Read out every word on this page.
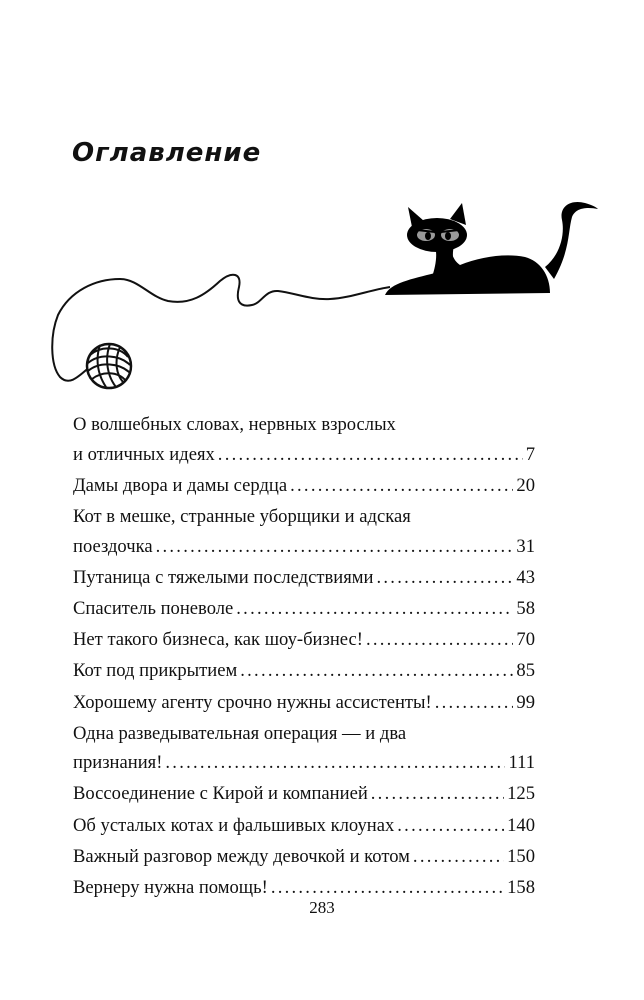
Оглавление
О волшебных словах, нервных взрослых
и отличных идеях . . .	7
Дамы двора и дамы сердца . . .	20
Кот в мешке, странные уборщики и адская
поездочка . . .	31
Путаница с тяжелыми последствиями . . .	43
Спаситель поневоле . . .	58
Нет такого бизнеса, как шоу-бизнес! . . .	70
Кот под прикрытием . . .	85
Хорошему агенту срочно нужны ассистенты! . . .	99
Одна разведывательная операция — и два
признания! . . .	111
Воссоединение с Кирой и компанией . . .	125
Об усталых котах и фальшивых клоунах . . .	140
Важный разговор между девочкой и котом . . .	150
Вернеру нужна помощь! . . .	158
283
